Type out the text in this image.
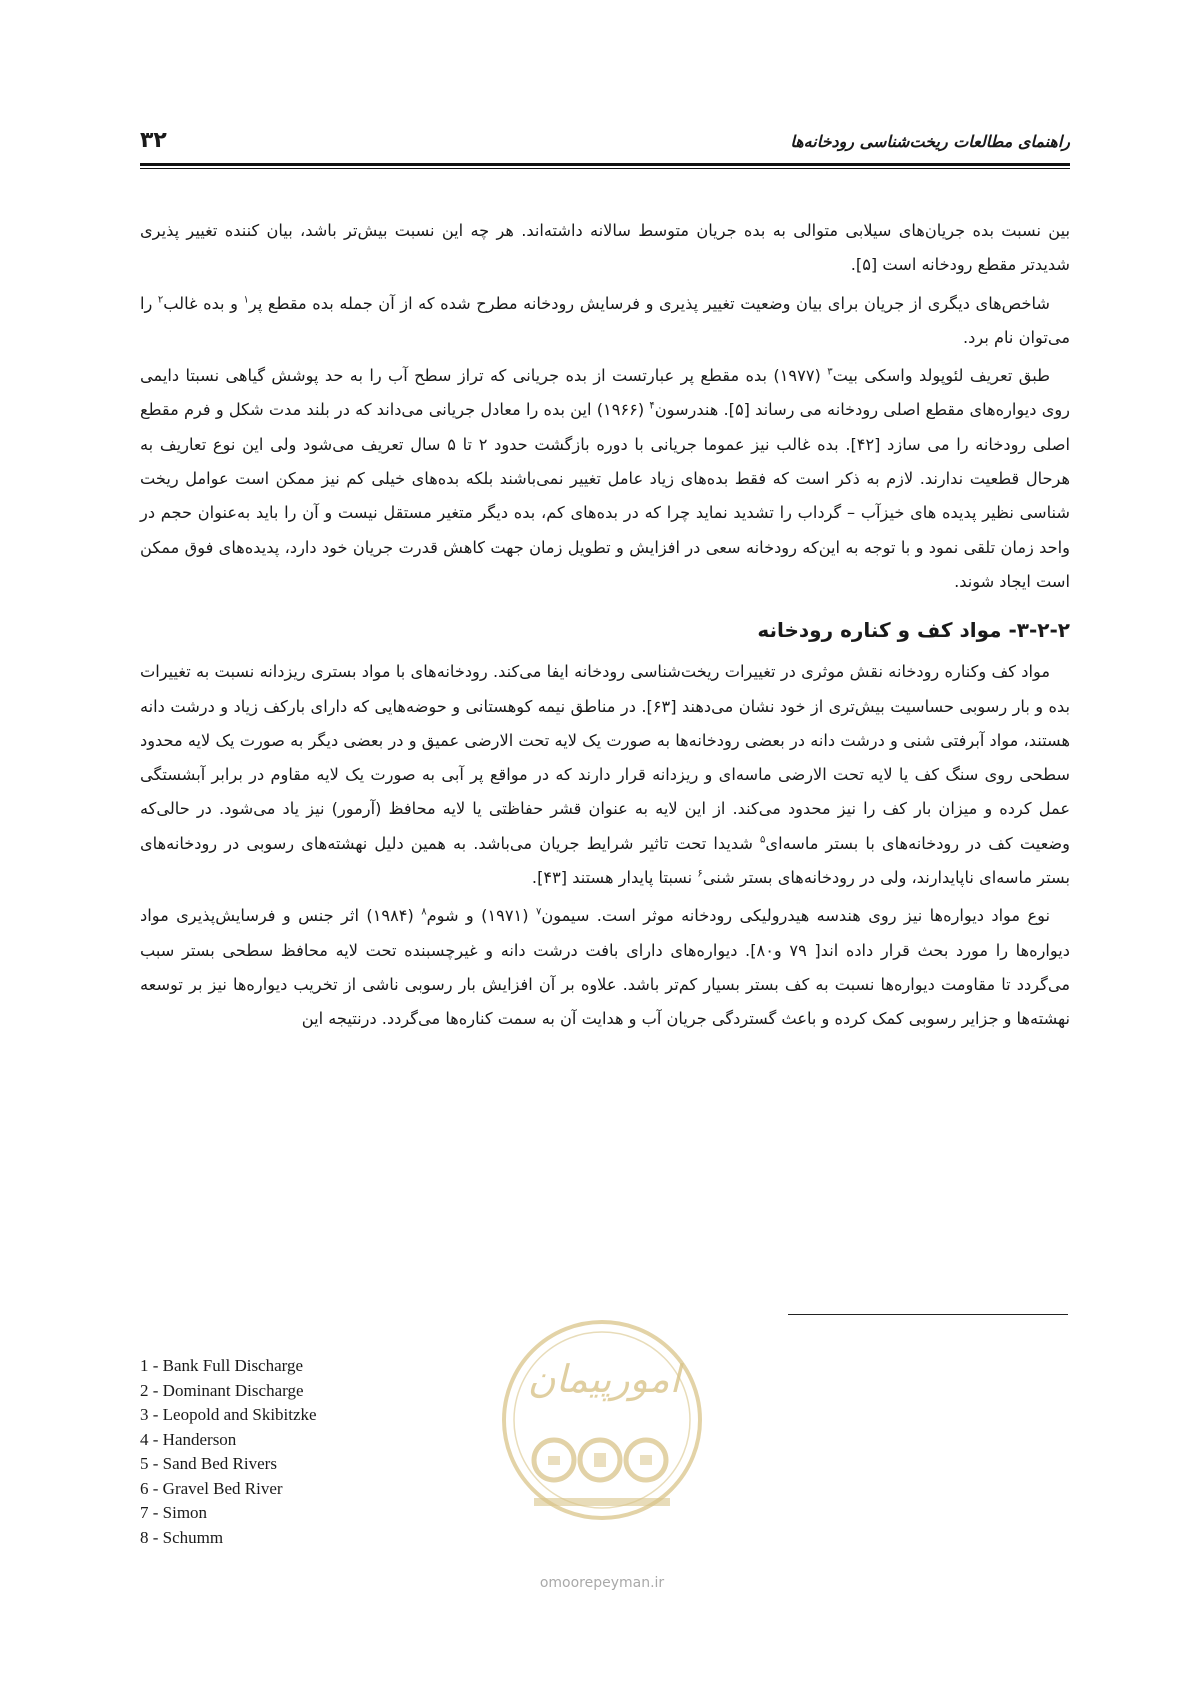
۳۲	راهنمای مطالعات ریخت‌شناسی رودخانه‌ها

بین نسبت بده جریان‌های سیلابی متوالی به بده جریان متوسط سالانه داشته‌اند. هر چه این نسبت بیش‌تر باشد، بیان کننده تغییر پذیری شدیدتر مقطع رودخانه است [۵].

شاخص‌های دیگری از جریان برای بیان وضعیت تغییر پذیری و فرسایش رودخانه مطرح شده که از آن جمله بده مقطع پر$^۱$ و بده غالب$^۲$ را می‌توان نام برد.

طبق تعریف لئوپولد واسکی بیت$^۳$ (۱۹۷۷) بده مقطع پر عبارتست از بده جریانی که تراز سطح آب را به حد پوشش گیاهی نسبتا دایمی روی دیواره‌های مقطع اصلی رودخانه می رساند [۵]. هندرسون$^۴$ (۱۹۶۶) این بده را معادل جریانی می‌داند که در بلند مدت شکل و فرم مقطع اصلی رودخانه را می سازد [۴۲]. بده غالب نیز عموما جریانی با دوره بازگشت حدود ۲ تا ۵ سال تعریف می‌شود ولی این نوع تعاریف به هرحال قطعیت ندارند. لازم به ذکر است که فقط بده‌های زیاد عامل تغییر نمی‌باشند بلکه بده‌های خیلی کم نیز ممکن است عوامل ریخت شناسی نظیر پدیده های خیزآب – گرداب را تشدید نماید چرا که در بده‌های کم، بده دیگر متغیر مستقل نیست و آن را باید به‌عنوان حجم در واحد زمان تلقی نمود و با توجه به این‌که رودخانه سعی در افزایش و تطویل زمان جهت کاهش قدرت جریان خود دارد، پدیده‌های فوق ممکن است ایجاد شوند.

۳-۲-۲- مواد کف و کناره رودخانه

مواد کف وکناره رودخانه نقش موثری در تغییرات ریخت‌شناسی رودخانه ایفا می‌کند. رودخانه‌های با مواد بستری ریزدانه نسبت به تغییرات بده و بار رسوبی حساسیت بیش‌تری از خود نشان می‌دهند [۶۳]. در مناطق نیمه کوهستانی و حوضه‌هایی که دارای بارکف زیاد و درشت دانه هستند، مواد آبرفتی شنی و درشت دانه در بعضی رودخانه‌ها به صورت یک لایه تحت الارضی عمیق و در بعضی دیگر به صورت یک لایه محدود سطحی روی سنگ کف یا لایه تحت الارضی ماسه‌ای و ریزدانه قرار دارند که در مواقع پر آبی به صورت یک لایه مقاوم در برابر آبشستگی عمل کرده و میزان بار کف را نیز محدود می‌کند. از این لایه به عنوان قشر حفاظتی یا لایه محافظ (آرمور) نیز یاد می‌شود. در حالی‌که وضعیت کف در رودخانه‌های با بستر ماسه‌ای$^۵$ شدیدا تحت تاثیر شرایط جریان می‌باشد. به همین دلیل نهشته‌های رسوبی در رودخانه‌های بستر ماسه‌ای ناپایدارند، ولی در رودخانه‌های بستر شنی$^۶$ نسبتا پایدار هستند [۴۳].

نوع مواد دیواره‌ها نیز روی هندسه هیدرولیکی رودخانه موثر است. سیمون$^۷$ (۱۹۷۱) و شوم$^۸$ (۱۹۸۴) اثر جنس و فرسایش‌پذیری مواد دیواره‌ها را مورد بحث قرار داده اند[ ۷۹ و۸۰]. دیواره‌های دارای بافت درشت دانه و غیرچسبنده تحت لایه محافظ سطحی بستر سبب می‌گردد تا مقاومت دیواره‌ها نسبت به کف بستر بسیار کم‌تر باشد. علاوه بر آن افزایش بار رسوبی ناشی از تخریب دیواره‌ها نیز بر توسعه نهشته‌ها و جزایر رسوبی کمک کرده و باعث گستردگی جریان آب و هدایت آن به سمت کناره‌ها می‌گردد. درنتیجه این

1 - Bank Full Discharge
2 - Dominant Discharge
3 - Leopold and Skibitzke
4 - Handerson
5 - Sand Bed Rivers
6 - Gravel Bed River
7 - Simon
8 - Schumm
امورپیمان
omoorepeyman.ir
